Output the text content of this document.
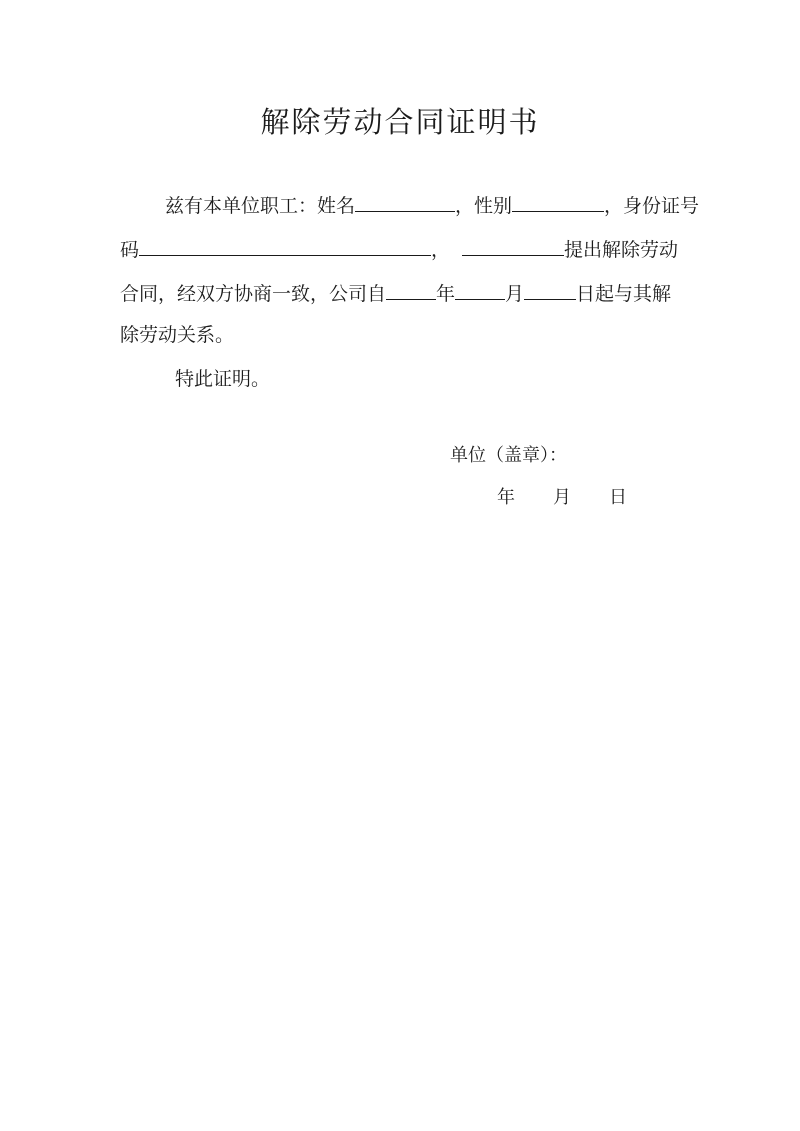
解除劳动合同证明书
兹有本单位职工：姓名	，性别	，身份证号
码	，	提出解除劳动
合同，经双方协商一致，公司自	年	月	日起与其解
除劳动关系。
特此证明。
单位（盖章）：
年 月 日
